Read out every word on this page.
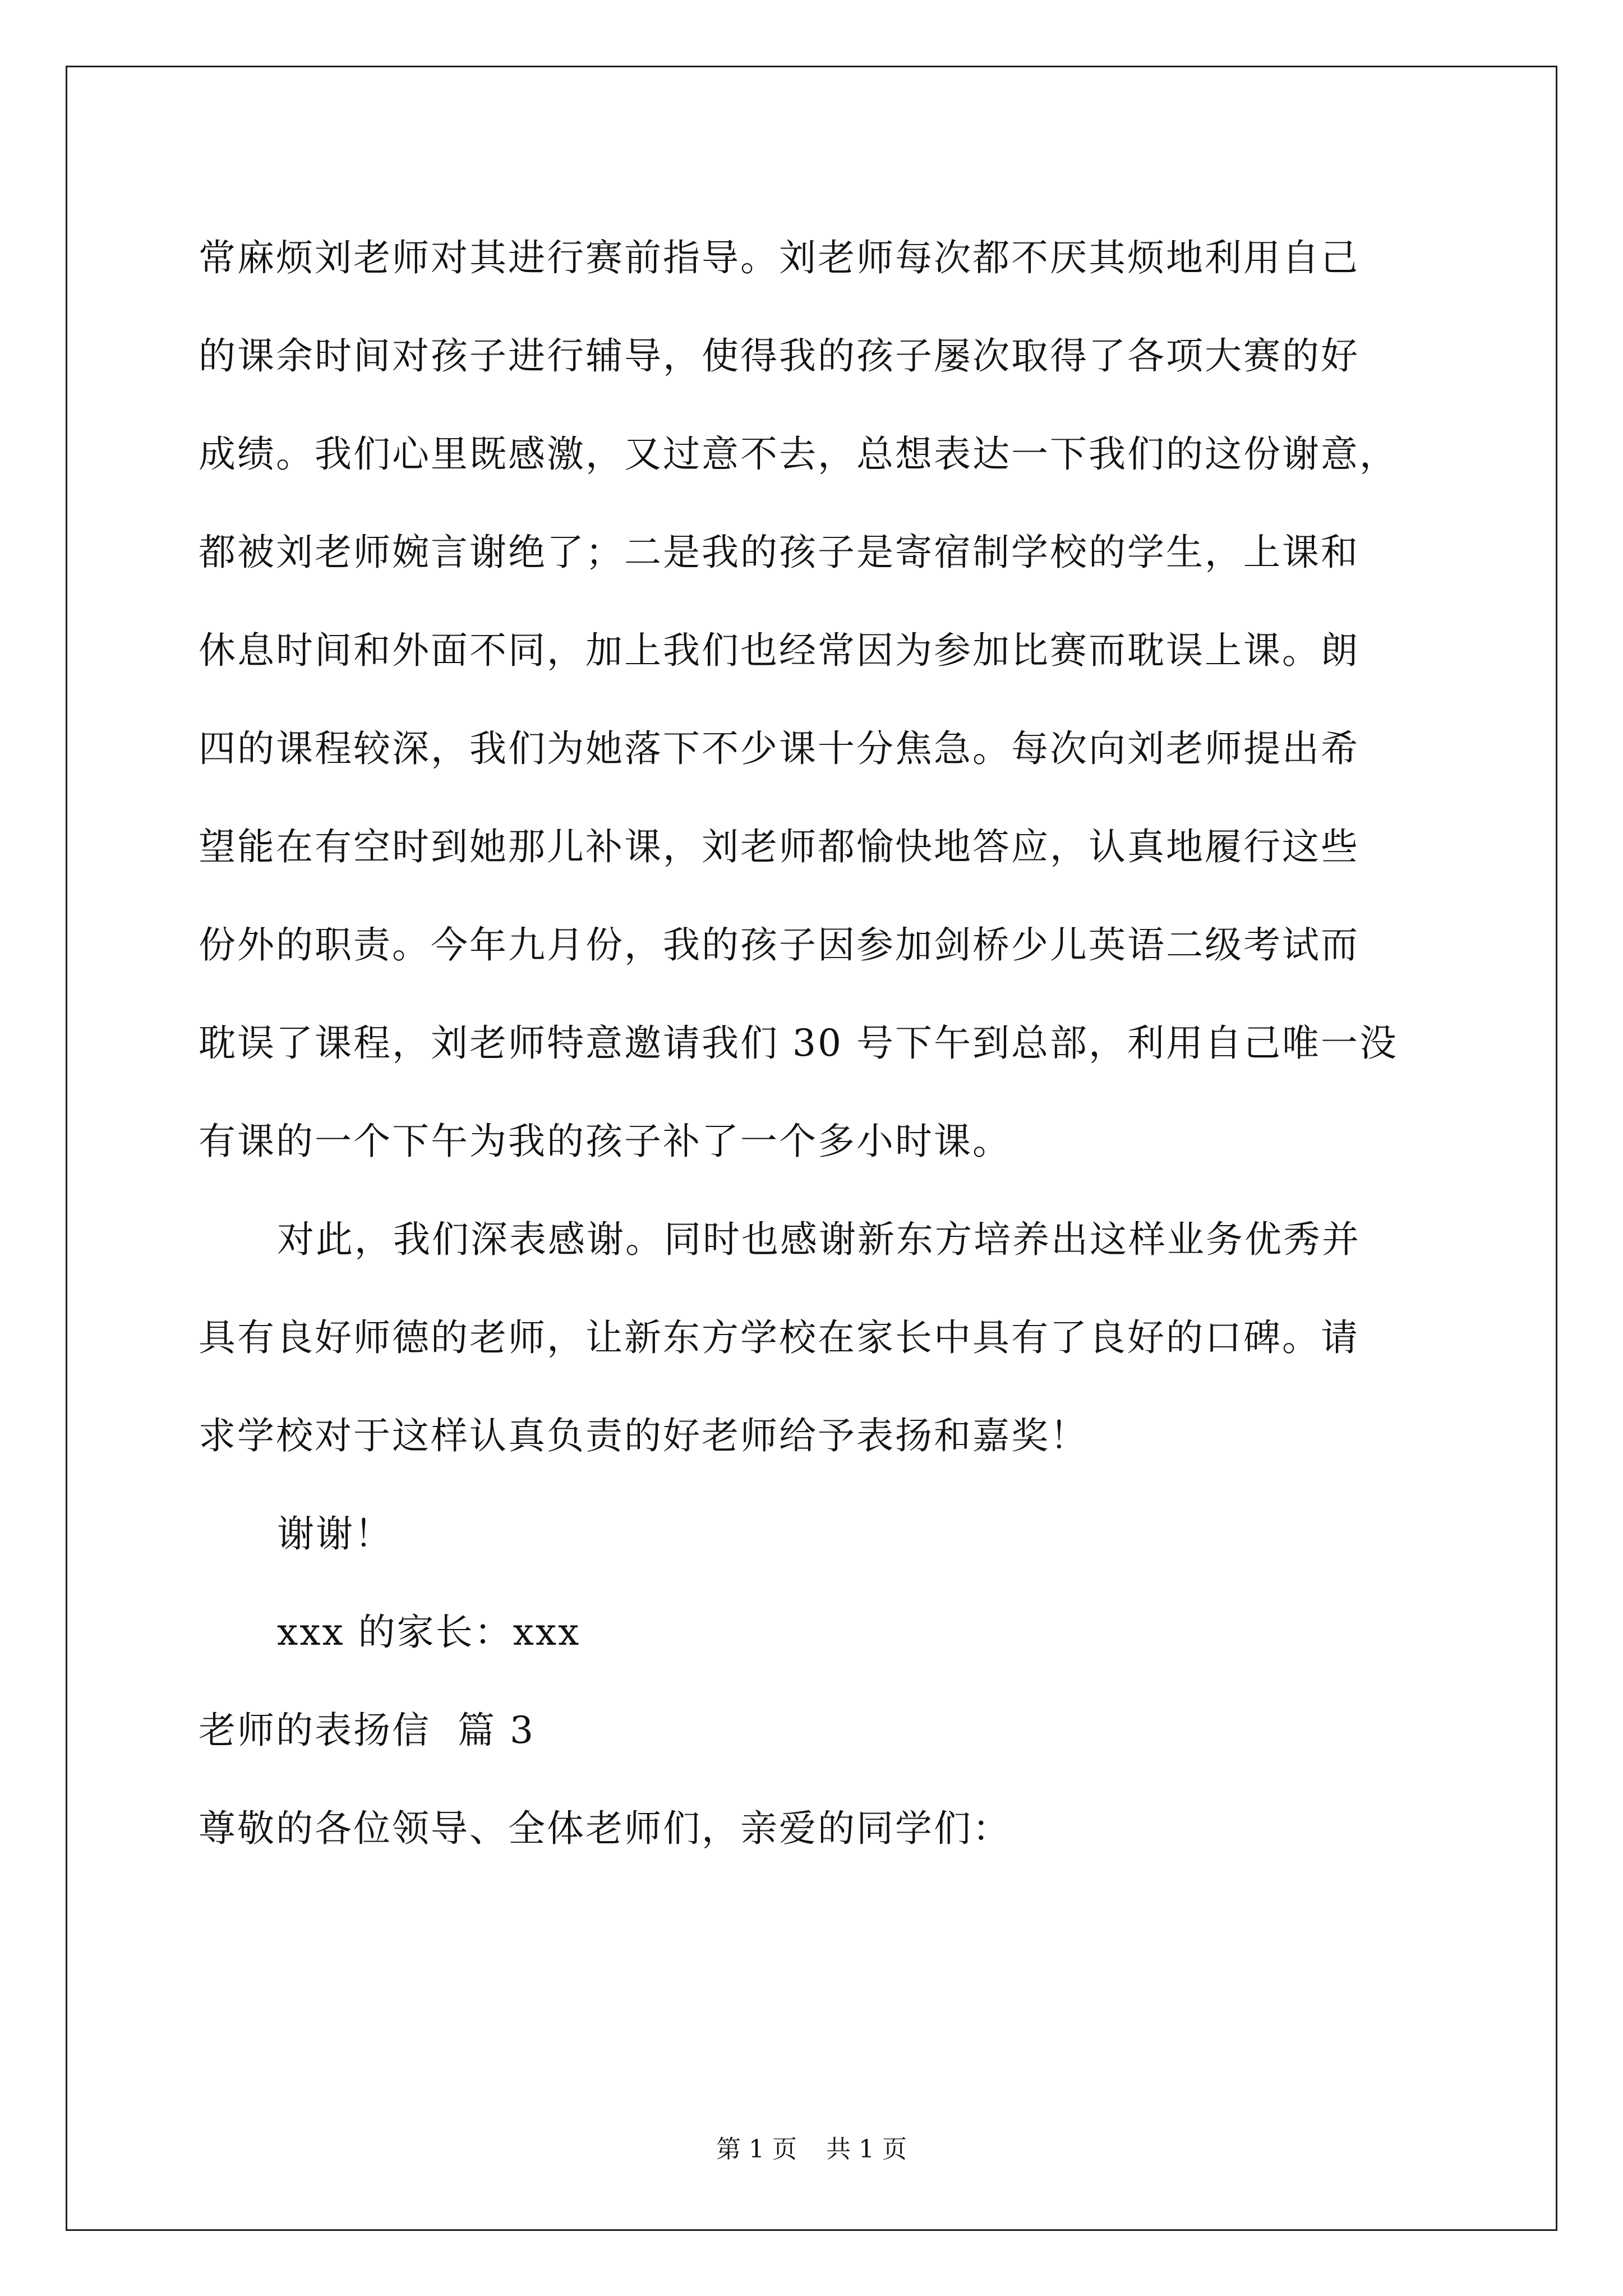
常麻烦刘老师对其进行赛前指导。刘老师每次都不厌其烦地利用自己
的课余时间对孩子进行辅导，使得我的孩子屡次取得了各项大赛的好
成绩。我们心里既感激，又过意不去，总想表达一下我们的这份谢意，
都被刘老师婉言谢绝了；二是我的孩子是寄宿制学校的学生，上课和
休息时间和外面不同，加上我们也经常因为参加比赛而耽误上课。朗
四的课程较深，我们为她落下不少课十分焦急。每次向刘老师提出希
望能在有空时到她那儿补课，刘老师都愉快地答应，认真地履行这些
份外的职责。今年九月份，我的孩子因参加剑桥少儿英语二级考试而
耽误了课程，刘老师特意邀请我们 30 号下午到总部，利用自己唯一没
有课的一个下午为我的孩子补了一个多小时课。
对此，我们深表感谢。同时也感谢新东方培养出这样业务优秀并
具有良好师德的老师，让新东方学校在家长中具有了良好的口碑。请
求学校对于这样认真负责的好老师给予表扬和嘉奖！
谢谢！
xxx 的家长：xxx
老师的表扬信  篇 3
尊敬的各位领导、全体老师们，亲爱的同学们：
第 1 页 共 1 页
